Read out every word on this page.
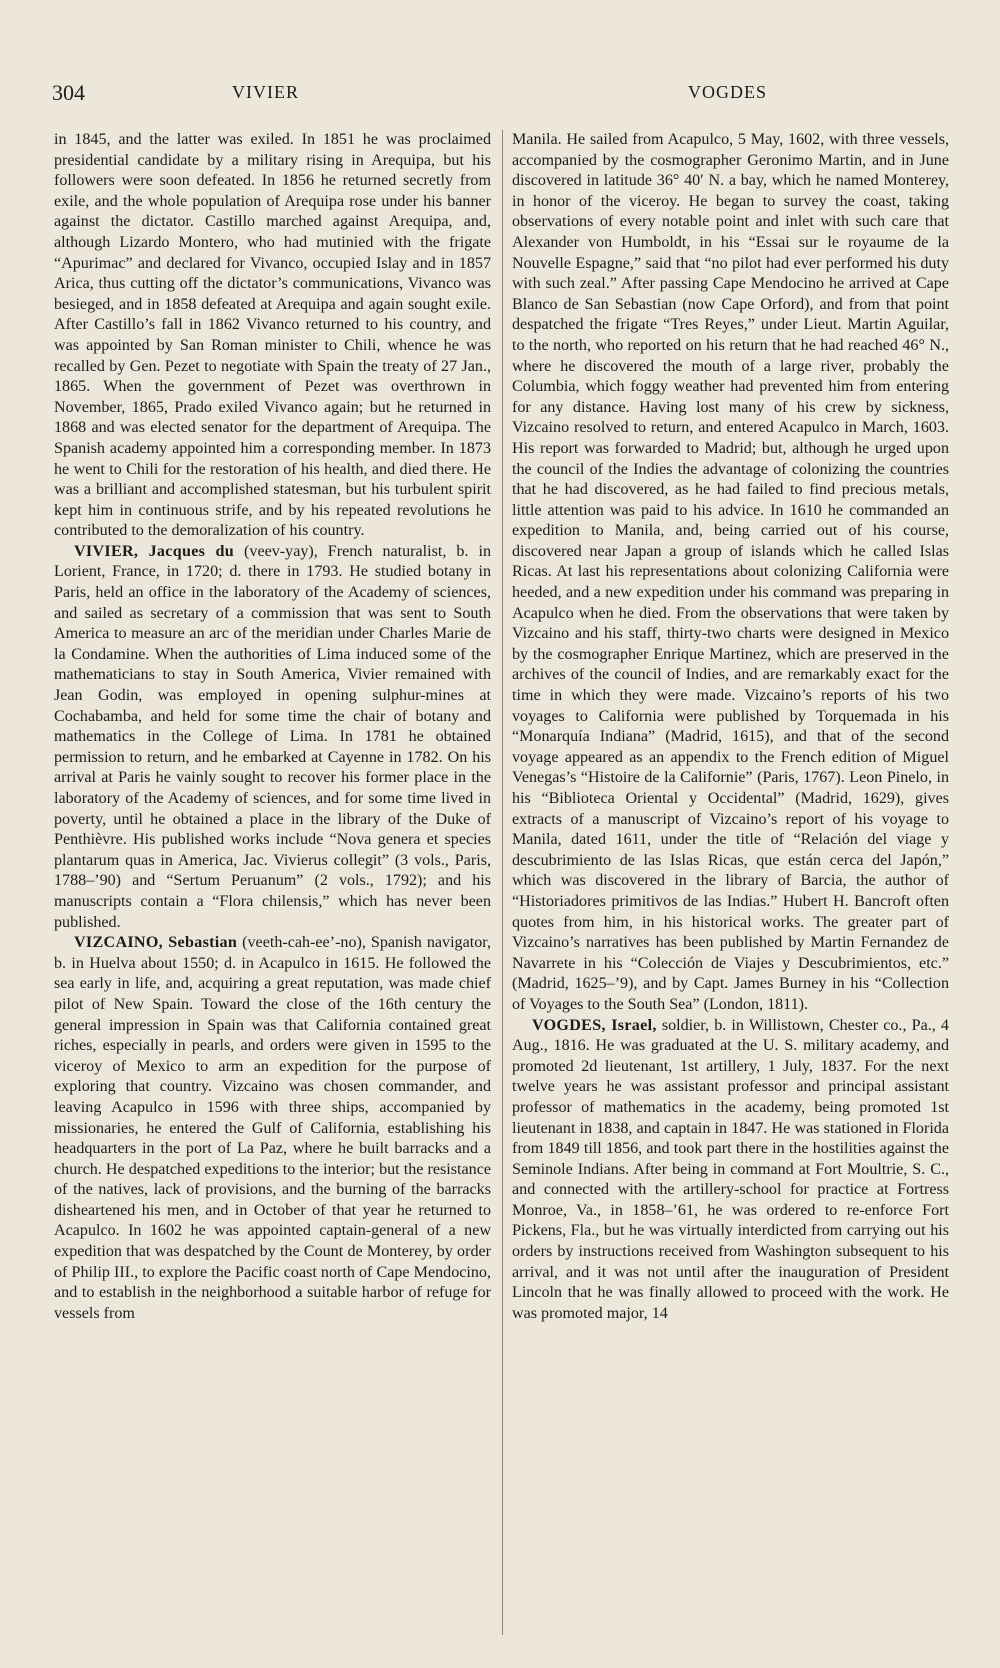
304	VIVIER	VOGDES

in 1845, and the latter was exiled. In 1851 he was proclaimed presidential candidate by a military rising in Arequipa, but his followers were soon defeated. In 1856 he returned secretly from exile, and the whole population of Arequipa rose under his banner against the dictator. Castillo marched against Arequipa, and, although Lizardo Montero, who had mutinied with the frigate “Apurimac” and declared for Vivanco, occupied Islay and in 1857 Arica, thus cutting off the dictator’s communications, Vivanco was besieged, and in 1858 defeated at Arequipa and again sought exile. After Castillo’s fall in 1862 Vivanco returned to his country, and was appointed by San Roman minister to Chili, whence he was recalled by Gen. Pezet to negotiate with Spain the treaty of 27 Jan., 1865. When the government of Pezet was overthrown in November, 1865, Prado exiled Vivanco again; but he returned in 1868 and was elected senator for the department of Arequipa. The Spanish academy appointed him a corresponding member. In 1873 he went to Chili for the restoration of his health, and died there. He was a brilliant and accomplished statesman, but his turbulent spirit kept him in continuous strife, and by his repeated revolutions he contributed to the demoralization of his country.

VIVIER, Jacques du (veev-yay), French naturalist, b. in Lorient, France, in 1720; d. there in 1793. He studied botany in Paris, held an office in the laboratory of the Academy of sciences, and sailed as secretary of a commission that was sent to South America to measure an arc of the meridian under Charles Marie de la Condamine. When the authorities of Lima induced some of the mathematicians to stay in South America, Vivier remained with Jean Godin, was employed in opening sulphur-mines at Cochabamba, and held for some time the chair of botany and mathematics in the College of Lima. In 1781 he obtained permission to return, and he embarked at Cayenne in 1782. On his arrival at Paris he vainly sought to recover his former place in the laboratory of the Academy of sciences, and for some time lived in poverty, until he obtained a place in the library of the Duke of Penthièvre. His published works include “Nova genera et species plantarum quas in America, Jac. Vivierus collegit” (3 vols., Paris, 1788–’90) and “Sertum Peruanum” (2 vols., 1792); and his manuscripts contain a “Flora chilensis,” which has never been published.

VIZCAINO, Sebastian (veeth-cah-ee’-no), Spanish navigator, b. in Huelva about 1550; d. in Acapulco in 1615. He followed the sea early in life, and, acquiring a great reputation, was made chief pilot of New Spain. Toward the close of the 16th century the general impression in Spain was that California contained great riches, especially in pearls, and orders were given in 1595 to the viceroy of Mexico to arm an expedition for the purpose of exploring that country. Vizcaino was chosen commander, and leaving Acapulco in 1596 with three ships, accompanied by missionaries, he entered the Gulf of California, establishing his headquarters in the port of La Paz, where he built barracks and a church. He despatched expeditions to the interior; but the resistance of the natives, lack of provisions, and the burning of the barracks disheartened his men, and in October of that year he returned to Acapulco. In 1602 he was appointed captain-general of a new expedition that was despatched by the Count de Monterey, by order of Philip III., to explore the Pacific coast north of Cape Mendocino, and to establish in the neighborhood a suitable harbor of refuge for vessels from

Manila. He sailed from Acapulco, 5 May, 1602, with three vessels, accompanied by the cosmographer Geronimo Martin, and in June discovered in latitude 36° 40′ N. a bay, which he named Monterey, in honor of the viceroy. He began to survey the coast, taking observations of every notable point and inlet with such care that Alexander von Humboldt, in his “Essai sur le royaume de la Nouvelle Espagne,” said that “no pilot had ever performed his duty with such zeal.” After passing Cape Mendocino he arrived at Cape Blanco de San Sebastian (now Cape Orford), and from that point despatched the frigate “Tres Reyes,” under Lieut. Martin Aguilar, to the north, who reported on his return that he had reached 46° N., where he discovered the mouth of a large river, probably the Columbia, which foggy weather had prevented him from entering for any distance. Having lost many of his crew by sickness, Vizcaino resolved to return, and entered Acapulco in March, 1603. His report was forwarded to Madrid; but, although he urged upon the council of the Indies the advantage of colonizing the countries that he had discovered, as he had failed to find precious metals, little attention was paid to his advice. In 1610 he commanded an expedition to Manila, and, being carried out of his course, discovered near Japan a group of islands which he called Islas Ricas. At last his representations about colonizing California were heeded, and a new expedition under his command was preparing in Acapulco when he died. From the observations that were taken by Vizcaino and his staff, thirty-two charts were designed in Mexico by the cosmographer Enrique Martinez, which are preserved in the archives of the council of Indies, and are remarkably exact for the time in which they were made. Vizcaino’s reports of his two voyages to California were published by Torquemada in his “Monarquía Indiana” (Madrid, 1615), and that of the second voyage appeared as an appendix to the French edition of Miguel Venegas’s “Histoire de la Californie” (Paris, 1767). Leon Pinelo, in his “Biblioteca Oriental y Occidental” (Madrid, 1629), gives extracts of a manuscript of Vizcaino’s report of his voyage to Manila, dated 1611, under the title of “Relación del viage y descubrimiento de las Islas Ricas, que están cerca del Japón,” which was discovered in the library of Barcia, the author of “Historiadores primitivos de las Indias.” Hubert H. Bancroft often quotes from him, in his historical works. The greater part of Vizcaino’s narratives has been published by Martin Fernandez de Navarrete in his “Colección de Viajes y Descubrimientos, etc.” (Madrid, 1625–’9), and by Capt. James Burney in his “Collection of Voyages to the South Sea” (London, 1811).

VOGDES, Israel, soldier, b. in Willistown, Chester co., Pa., 4 Aug., 1816. He was graduated at the U. S. military academy, and promoted 2d lieutenant, 1st artillery, 1 July, 1837. For the next twelve years he was assistant professor and principal assistant professor of mathematics in the academy, being promoted 1st lieutenant in 1838, and captain in 1847. He was stationed in Florida from 1849 till 1856, and took part there in the hostilities against the Seminole Indians. After being in command at Fort Moultrie, S. C., and connected with the artillery-school for practice at Fortress Monroe, Va., in 1858–’61, he was ordered to re-enforce Fort Pickens, Fla., but he was virtually interdicted from carrying out his orders by instructions received from Washington subsequent to his arrival, and it was not until after the inauguration of President Lincoln that he was finally allowed to proceed with the work. He was promoted major, 14
